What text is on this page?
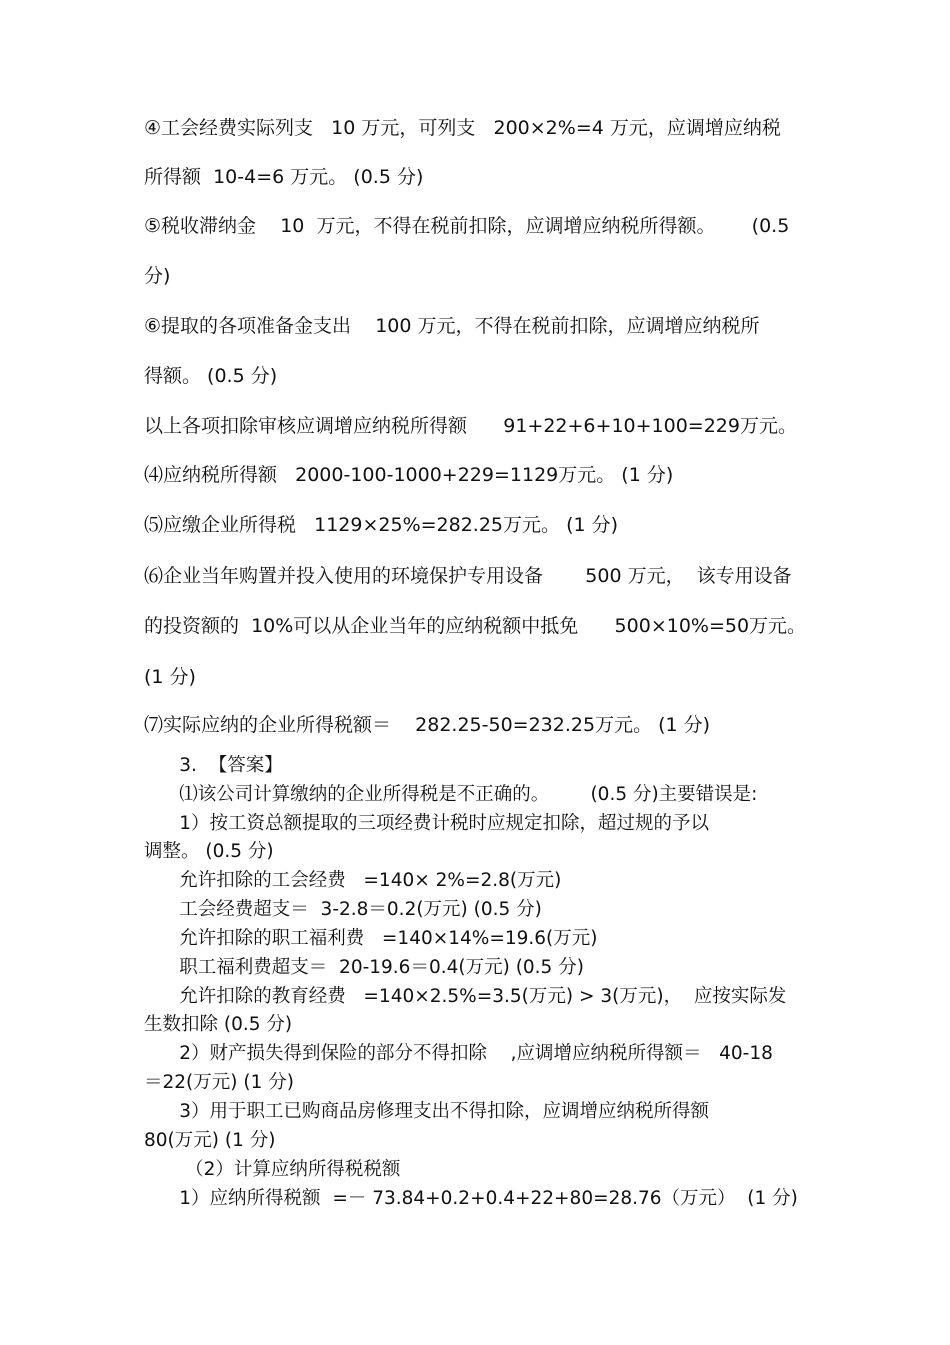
④工会经费实际列支   10 万元，可列支   200×2%=4 万元，应调增应纳税
所得额  10-4=6 万元。 (0.5 分)
⑤税收滞纳金    10  万元，不得在税前扣除，应调增应纳税所得额。      (0.5
分)
⑥提取的各项准备金支出    100 万元，不得在税前扣除，应调增应纳税所
得额。 (0.5 分)
以上各项扣除审核应调增应纳税所得额      91+22+6+10+100=229万元。
⑷应纳税所得额   2000-100-1000+229=1129万元。 (1 分)
⑸应缴企业所得税   1129×25%=282.25万元。 (1 分)
⑹企业当年购置并投入使用的环境保护专用设备       500 万元，  该专用设备
的投资额的  10%可以从企业当年的应纳税额中抵免      500×10%=50万元。
(1 分)
⑺实际应纳的企业所得税额＝    282.25-50=232.25万元。 (1 分)
3.  【答案】
⑴该公司计算缴纳的企业所得税是不正确的。       (0.5 分)主要错误是:
1）按工资总额提取的三项经费计税时应规定扣除，超过规的予以
调整。 (0.5 分)
允许扣除的工会经费   =140× 2%=2.8(万元)
工会经费超支＝  3-2.8＝0.2(万元) (0.5 分)
允许扣除的职工福利费   =140×14%=19.6(万元)
职工福利费超支＝  20-19.6＝0.4(万元) (0.5 分)
允许扣除的教育经费   =140×2.5%=3.5(万元) > 3(万元)，  应按实际发
生数扣除 (0.5 分)
2）财产损失得到保险的部分不得扣除    ,应调增应纳税所得额＝   40-18
＝22(万元) (1 分)
3）用于职工已购商品房修理支出不得扣除，应调增应纳税所得额
80(万元) (1 分)
（2）计算应纳所得税税额
1）应纳所得税额  =－ 73.84+0.2+0.4+22+80=28.76（万元）  (1 分)
